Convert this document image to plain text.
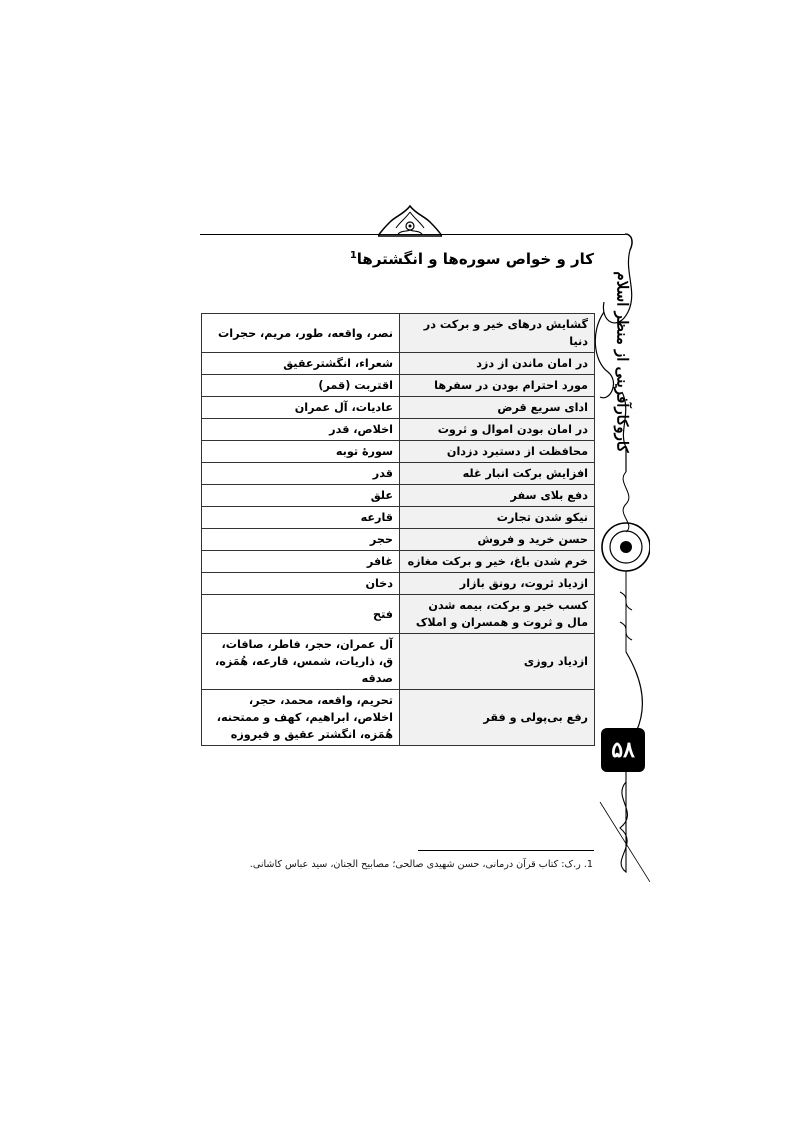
کار و خواص سوره‌ها و انگشترها$^1$
کاروکارآفرینی از منظر اسلام
گشایش درهای خیر و برکت در دنیا	نصر، واقعه، طور، مریم، حجرات
در امان ماندن از دزد	شعراء، انگشترعقیق
مورد احترام بودن در سفرها	اقتربت (قمر)
ادای سریع قرض	عادیات، آل عمران
در امان بودن اموال و ثروت	اخلاص، قدر
محافظت از دستبرد دزدان	سورهٔ توبه
افزایش برکت انبار غله	قدر
دفع بلای سفر	علق
نیکو شدن تجارت	قارعه
حسن خرید و فروش	حجر
خرم شدن باغ، خیر و برکت مغازه	غافر
ازدیاد ثروت، رونق بازار	دخان
کسب خیر و برکت، بیمه شدن مال و ثروت و همسران و املاک	فتح
ازدیاد روزی	آل عمران، حجر، فاطر، صافات، ق، ذاریات، شمس، قارعه، هُمَزه، صدقه
رفع بی‌پولی و فقر	تحریم، واقعه، محمد، حجر، اخلاص، ابراهیم، کهف و ممتحنه، هُمَزه، انگشتر عقیق و فیروزه
۵۸
1. ر.ک: کتاب قرآن درمانی، حسن شهیدی صالحی؛ مصابیح الجنان، سید عباس کاشانی.
